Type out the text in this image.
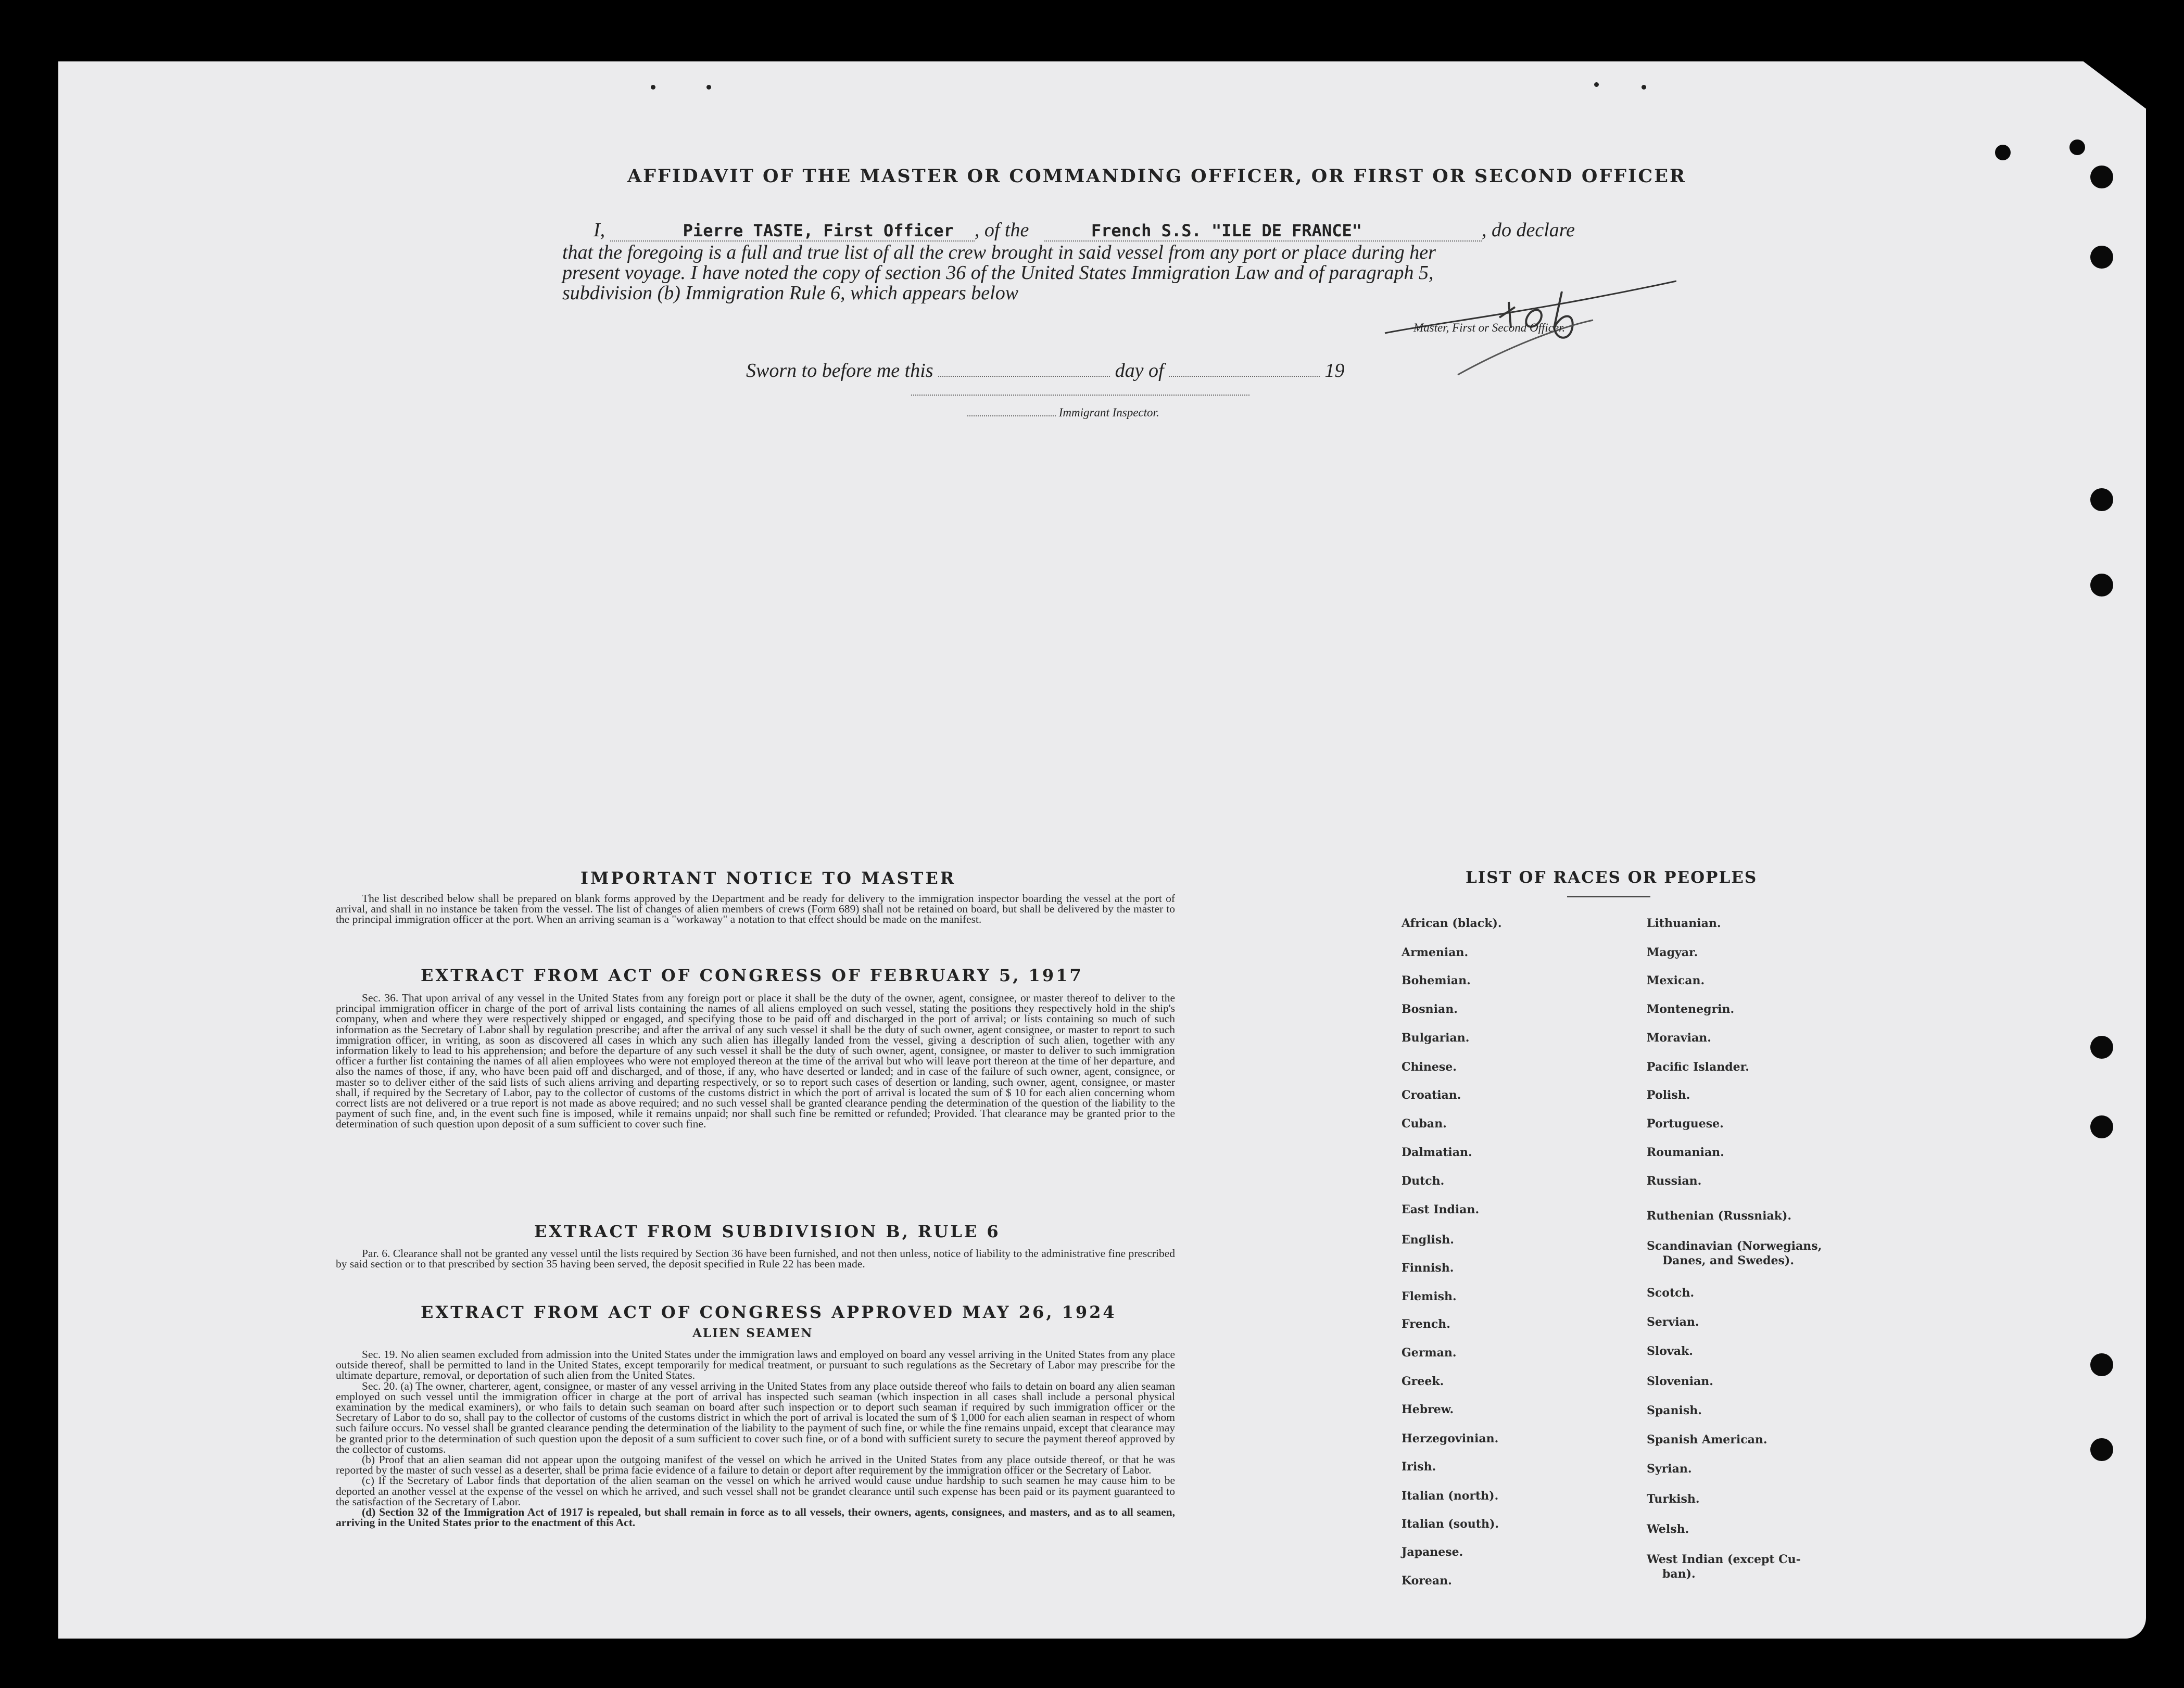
AFFIDAVIT OF THE MASTER OR COMMANDING OFFICER, OR FIRST OR SECOND OFFICER
I,	Pierre TASTE, First Officer , of the	French S.S. "ILE DE FRANCE"	, do declare
that the foregoing is a full and true list of all the crew brought in said vessel from any port or place during her
present voyage. I have noted the copy of section 36 of the United States Immigration Law and of paragraph 5,
subdivision (b) Immigration Rule 6, which appears below
Master, First or Second Officer.
Sworn to before me this	day of	19
Immigrant Inspector.
IMPORTANT NOTICE TO MASTER

The list described below shall be prepared on blank forms approved by the Department and be ready for delivery to the immigration inspector boarding the vessel at the port of arrival, and shall in no instance be taken from the vessel. The list of changes of alien members of crews (Form 689) shall not be retained on board, but shall be delivered by the master to the principal immigration officer at the port. When an arriving seaman is a "workaway" a notation to that effect should be made on the manifest.

EXTRACT FROM ACT OF CONGRESS OF FEBRUARY 5, 1917

Sec. 36. That upon arrival of any vessel in the United States from any foreign port or place it shall be the duty of the owner, agent, consignee, or master thereof to deliver to the principal immigration officer in charge of the port of arrival lists containing the names of all aliens employed on such vessel, stating the positions they respectively hold in the ship's company, when and where they were respectively shipped or engaged, and specifying those to be paid off and discharged in the port of arrival; or lists containing so much of such information as the Secretary of Labor shall by regulation prescribe; and after the arrival of any such vessel it shall be the duty of such owner, agent consignee, or master to report to such immigration officer, in writing, as soon as discovered all cases in which any such alien has illegally landed from the vessel, giving a description of such alien, together with any information likely to lead to his apprehension; and before the departure of any such vessel it shall be the duty of such owner, agent, consignee, or master to deliver to such immigration officer a further list containing the names of all alien employees who were not employed thereon at the time of the arrival but who will leave port thereon at the time of her departure, and also the names of those, if any, who have been paid off and discharged, and of those, if any, who have deserted or landed; and in case of the failure of such owner, agent, consignee, or master so to deliver either of the said lists of such aliens arriving and departing respectively, or so to report such cases of desertion or landing, such owner, agent, consignee, or master shall, if required by the Secretary of Labor, pay to the collector of customs of the customs district in which the port of arrival is located the sum of $ 10 for each alien concerning whom correct lists are not delivered or a true report is not made as above required; and no such vessel shall be granted clearance pending the determination of the question of the liability to the payment of such fine, and, in the event such fine is imposed, while it remains unpaid; nor shall such fine be remitted or refunded; Provided. That clearance may be granted prior to the determination of such question upon deposit of a sum sufficient to cover such fine.

EXTRACT FROM SUBDIVISION B, RULE 6

Par. 6. Clearance shall not be granted any vessel until the lists required by Section 36 have been furnished, and not then unless, notice of liability to the administrative fine prescribed by said section or to that prescribed by section 35 having been served, the deposit specified in Rule 22 has been made.

EXTRACT FROM ACT OF CONGRESS APPROVED MAY 26, 1924
ALIEN SEAMEN

Sec. 19. No alien seamen excluded from admission into the United States under the immigration laws and employed on board any vessel arriving in the United States from any place outside thereof, shall be permitted to land in the United States, except temporarily for medical treatment, or pursuant to such regulations as the Secretary of Labor may prescribe for the ultimate departure, removal, or deportation of such alien from the United States.

Sec. 20. (a) The owner, charterer, agent, consignee, or master of any vessel arriving in the United States from any place outside thereof who fails to detain on board any alien seaman employed on such vessel until the immigration officer in charge at the port of arrival has inspected such seaman (which inspection in all cases shall include a personal physical examination by the medical examiners), or who fails to detain such seaman on board after such inspection or to deport such seaman if required by such immigration officer or the Secretary of Labor to do so, shall pay to the collector of customs of the customs district in which the port of arrival is located the sum of $ 1,000 for each alien seaman in respect of whom such failure occurs. No vessel shall be granted clearance pending the determination of the liability to the payment of such fine, or while the fine remains unpaid, except that clearance may be granted prior to the determination of such question upon the deposit of a sum sufficient to cover such fine, or of a bond with sufficient surety to secure the payment thereof approved by the collector of customs.

(b) Proof that an alien seaman did not appear upon the outgoing manifest of the vessel on which he arrived in the United States from any place outside thereof, or that he was reported by the master of such vessel as a deserter, shall be prima facie evidence of a failure to detain or deport after requirement by the immigration officer or the Secretary of Labor.

(c) If the Secretary of Labor finds that deportation of the alien seaman on the vessel on which he arrived would cause undue hardship to such seamen he may cause him to be deported an another vessel at the expense of the vessel on which he arrived, and such vessel shall not be grandet clearance until such expense has been paid or its payment guaranteed to the satisfaction of the Secretary of Labor.

(d) Section 32 of the Immigration Act of 1917 is repealed, but shall remain in force as to all vessels, their owners, agents, consignees, and masters, and as to all seamen, arriving in the United States prior to the enactment of this Act.

LIST OF RACES OR PEOPLES
African (black).
Armenian.
Bohemian.
Bosnian.
Bulgarian.
Chinese.
Croatian.
Cuban.
Dalmatian.
Dutch.
East Indian.
English.
Finnish.
Flemish.
French.
German.
Greek.
Hebrew.
Herzegovinian.
Irish.
Italian (north).
Italian (south).
Japanese.
Korean.
Lithuanian.
Magyar.
Mexican.
Montenegrin.
Moravian.
Pacific Islander.
Polish.
Portuguese.
Roumanian.
Russian.
Ruthenian (Russniak).
Scandinavian (Norwegians,
Danes, and Swedes).
Scotch.
Servian.
Slovak.
Slovenian.
Spanish.
Spanish American.
Syrian.
Turkish.
Welsh.
West Indian (except Cu-
ban).
